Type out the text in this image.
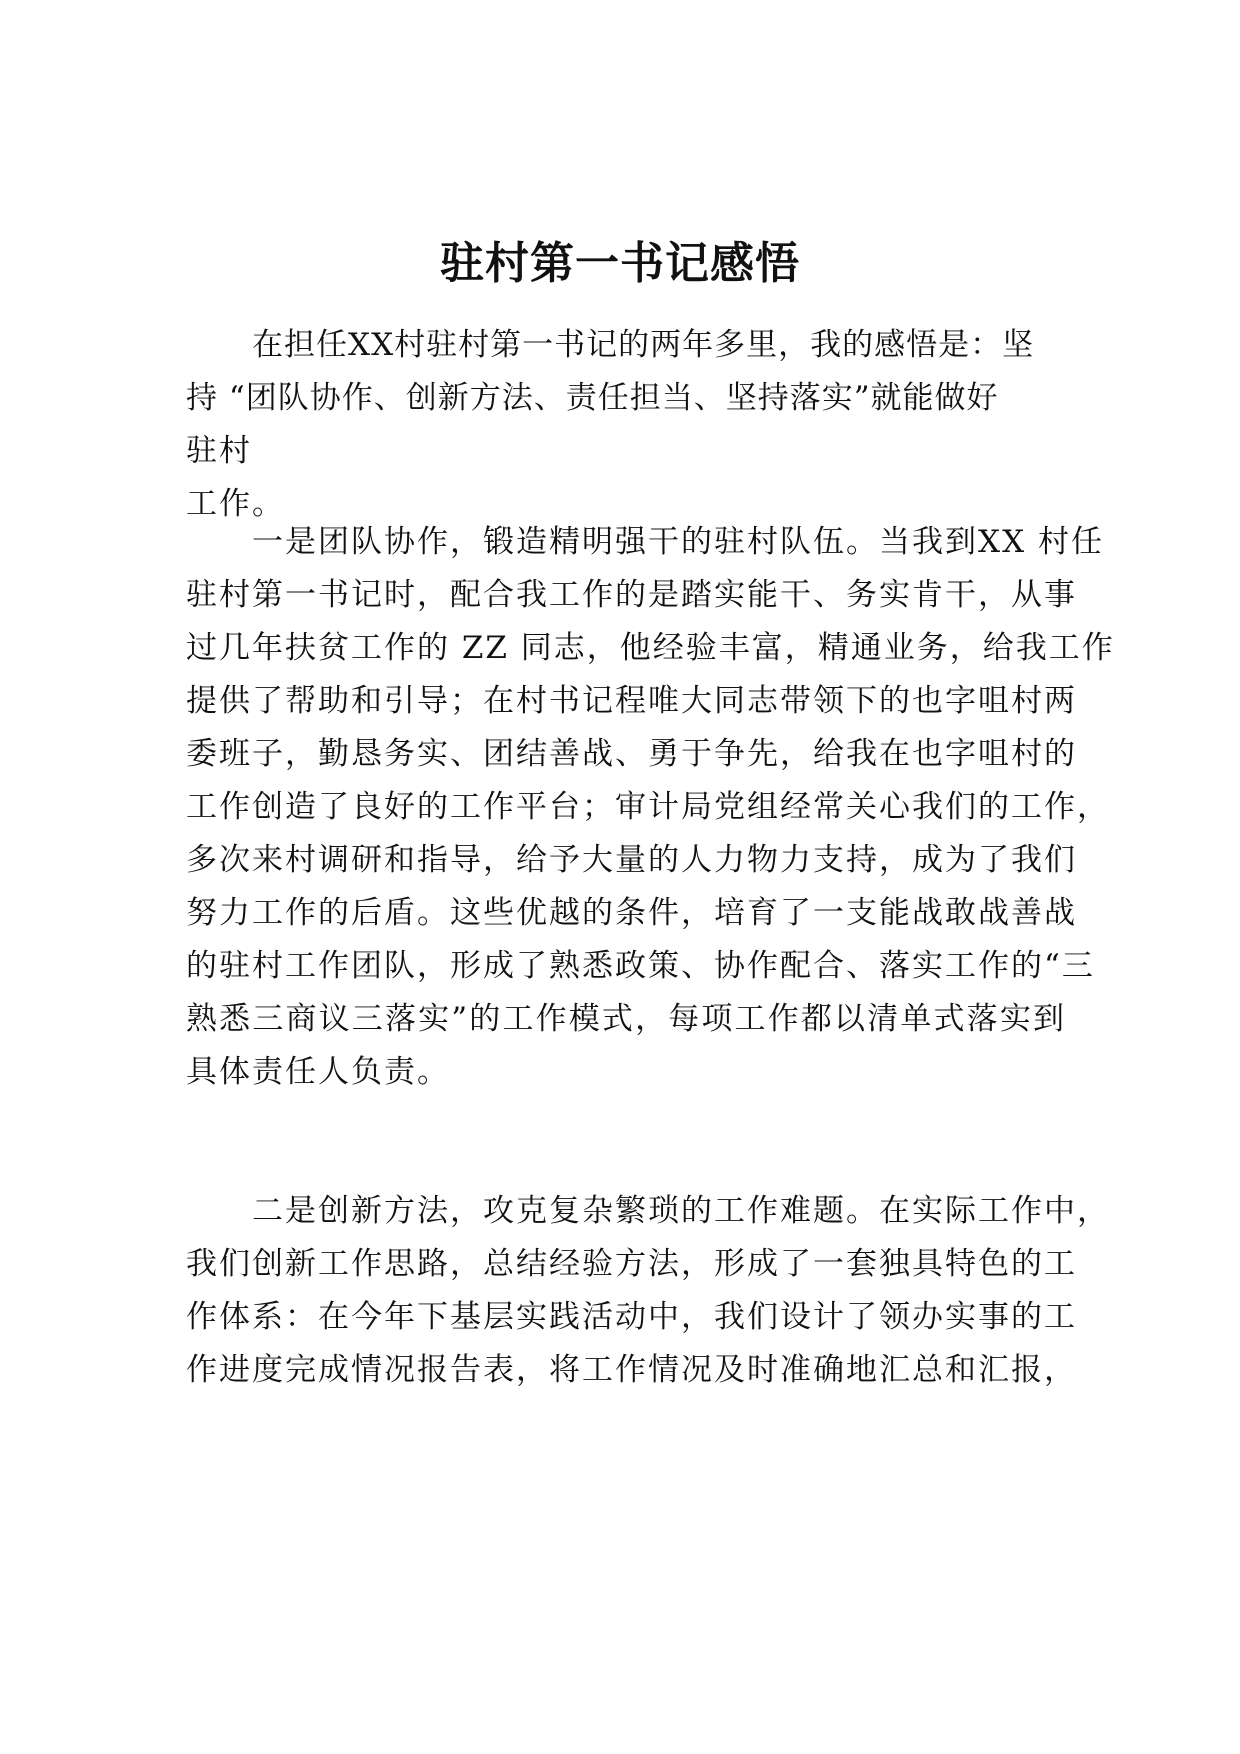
驻村第一书记感悟
在担任XX村驻村第一书记的两年多里，我的感悟是：坚
持 “团队协作、创新方法、责任担当、坚持落实”就能做好
驻村
工作。
一是团队协作，锻造精明强干的驻村队伍。当我到XX 村任
驻村第一书记时，配合我工作的是踏实能干、务实肯干，从事
过几年扶贫工作的 ZZ 同志，他经验丰富，精通业务，给我工作
提供了帮助和引导；在村书记程唯大同志带领下的也字咀村两
委班子，勤恳务实、团结善战、勇于争先，给我在也字咀村的
工作创造了良好的工作平台；审计局党组经常关心我们的工作，
多次来村调研和指导，给予大量的人力物力支持，成为了我们
努力工作的后盾。这些优越的条件，培育了一支能战敢战善战
的驻村工作团队，形成了熟悉政策、协作配合、落实工作的“三
熟悉三商议三落实”的工作模式，每项工作都以清单式落实到
具体责任人负责。
二是创新方法，攻克复杂繁琐的工作难题。在实际工作中，
我们创新工作思路，总结经验方法，形成了一套独具特色的工
作体系：在今年下基层实践活动中，我们设计了领办实事的工
作进度完成情况报告表，将工作情况及时准确地汇总和汇报，
